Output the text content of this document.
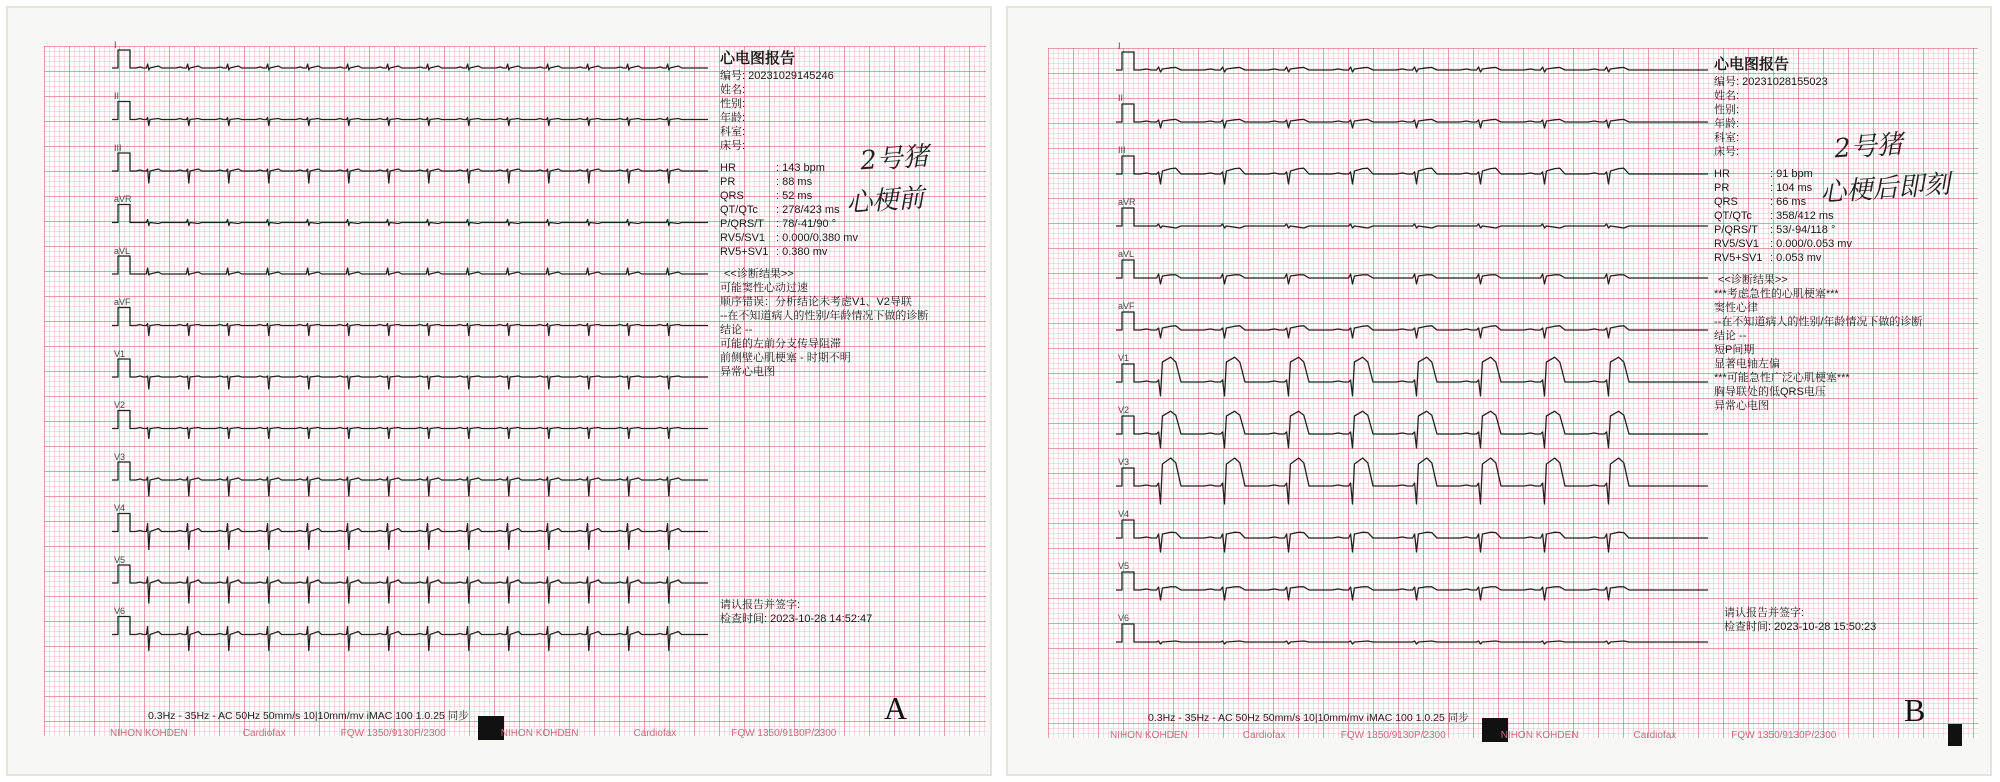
I
II
III
aVR
aVL
aVF
V1
V2
V3
V4
V5
V6
心电图报告
编号: 20231029145246
姓名:
性别:
年龄:
科室:
床号:
HR	: 143 bpm
PR	: 88 ms
QRS	: 52 ms
QT/QTc : 278/423 ms
P/QRS/T : 78/-41/90 °
RV5/SV1 : 0.000/0.380 mv
RV5+SV1 : 0.380 mv
<<诊断结果>>
可能窦性心动过速
顺序错误：分析结论未考虑V1、V2导联
--在不知道病人的性别/年龄情况下做的诊断
结论 --
可能的左前分支传导阻滞
前侧壁心肌梗塞 - 时期不明
异常心电图
请认报告并签字:
检查时间: 2023-10-28 14:52:47
2号猪
心梗前
0.3Hz - 35Hz - AC 50Hz 50mm/s 10|10mm/mv iMAC 100 1.0.25 同步
NIHON KOHDEN	Cardiofax	FQW 1350/9130P/2300	NIHON KOHDEN	Cardiofax	FQW 1350/9130P/2300
A
I
II
III
aVR
aVL
aVF
V1
V2
V3
V4
V5
V6
心电图报告
编号: 20231028155023
姓名:
性别:
年龄:
科室:
床号:
HR	: 91 bpm
PR	: 104 ms
QRS	: 66 ms
QT/QTc : 358/412 ms
P/QRS/T : 53/-94/118 °
RV5/SV1 : 0.000/0.053 mv
RV5+SV1 : 0.053 mv
<<诊断结果>>
***考虑急性的心肌梗塞***
窦性心律
--在不知道病人的性别/年龄情况下做的诊断
结论 --
短P间期
显著电轴左偏
***可能急性广泛心肌梗塞***
胸导联处的低QRS电压
异常心电图
请认报告并签字:
检查时间: 2023-10-28 15:50:23
2号猪
心梗后即刻
0.3Hz - 35Hz - AC 50Hz 50mm/s 10|10mm/mv iMAC 100 1.0.25 同步
NIHON KOHDEN	Cardiofax	FQW 1350/9130P/2300	NIHON KOHDEN	Cardiofax	FQW 1350/9130P/2300
B
